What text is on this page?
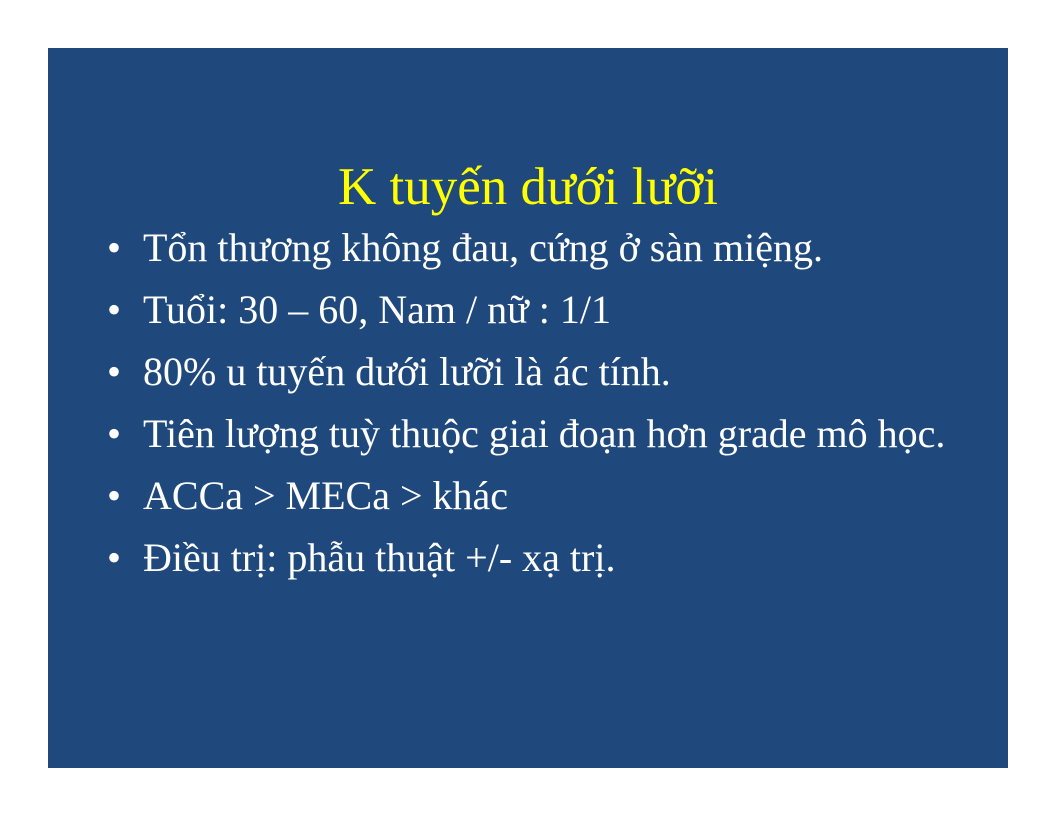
K tuyến dưới lưỡi
• Tổn thương không đau, cứng ở sàn miệng.
• Tuổi: 30 – 60, Nam / nữ : 1/1
• 80% u tuyến dưới lưỡi là ác tính.
• Tiên lượng tuỳ thuộc giai đoạn hơn grade mô học.
• ACCa > MECa > khác
• Điều trị: phẫu thuật +/- xạ trị.
